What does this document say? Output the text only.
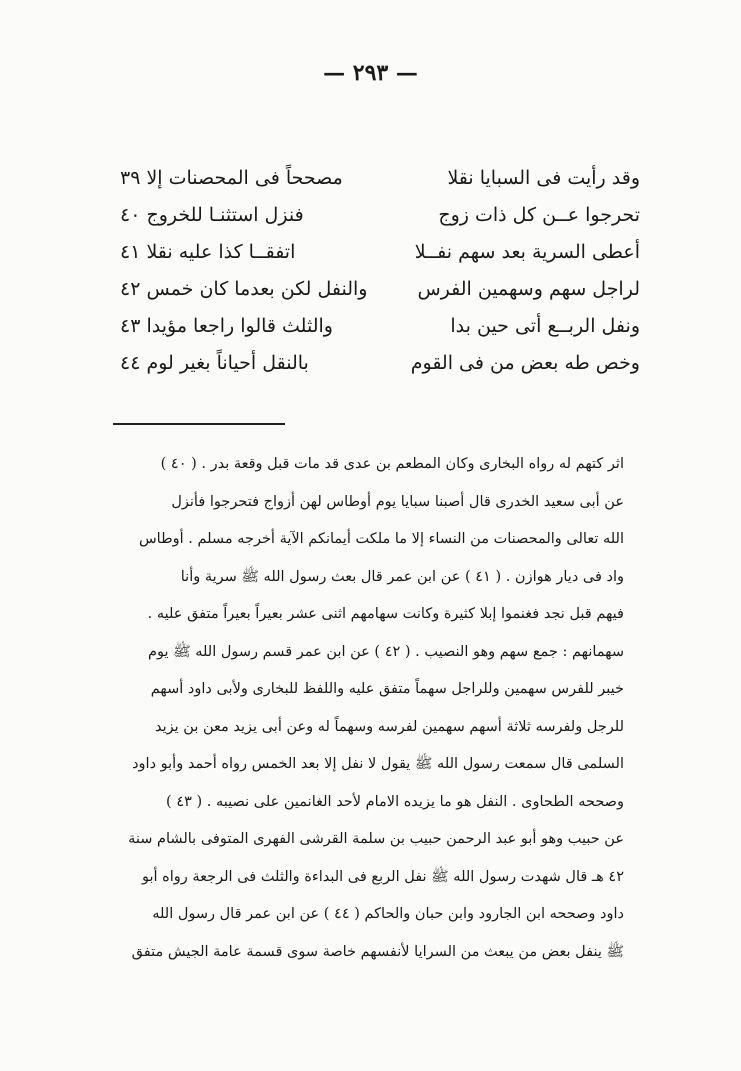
— ٢٩٣ —
وقد رأيت فى السبايا نقلا
مصححاً فى المحصنات إلا ٣٩
تحرجوا عــن كل ذات زوج
فنزل استثنـا للخروج ٤٠
أعطى السرية بعد سهم نفــلا
اتفقــا كذا عليه نقلا ٤١
لراجل سهم وسهمين الفرس
والنفل لكن بعدما كان خمس ٤٢
ونفل الربــع أتى حين بدا
والثلث قالوا راجعا مؤيدا ٤٣
وخص طه بعض من فى القوم
بالنقل أحياناً بغير لوم ٤٤
اثر كتهم له رواه البخارى وكان المطعم بن عدى قد مات قبل وقعة بدر . ( ٤٠ )
عن أبى سعيد الخدرى قال أصبنا سبايا يوم أوطاس لهن أزواج فتحرجوا فأنزل
الله تعالى والمحصنات من النساء إلا ما ملكت أيمانكم الآية أخرجه مسلم . أوطاس
واد فى ديار هوازن . ( ٤١ ) عن ابن عمر قال بعث رسول الله ﷺ سرية وأنا
فيهم قبل نجد فغنموا إبلا كثيرة وكانت سهامهم اثنى عشر بعيراً بعيراً متفق عليه .
سهمانهم : جمع سهم وهو النصيب . ( ٤٢ ) عن ابن عمر قسم رسول الله ﷺ يوم
خيبر للفرس سهمين وللراجل سهماً متفق عليه واللفظ للبخارى ولأبى داود أسهم
للرجل ولفرسه ثلاثة أسهم سهمين لفرسه وسهماً له وعن أبى يزيد معن بن يزيد
السلمى قال سمعت رسول الله ﷺ يقول لا نفل إلا بعد الخمس رواه أحمد وأبو داود
وصححه الطحاوى . النفل هو ما يزيده الامام لأحد الغانمين على نصيبه . ( ٤٣ )
عن حبيب وهو أبو عبد الرحمن حبيب بن سلمة القرشى الفهرى المتوفى بالشام سنة
٤٢ هـ قال شهدت رسول الله ﷺ نفل الربع فى البداءة والثلث فى الرجعة رواه أبو
داود وصححه ابن الجارود وابن حبان والحاكم ( ٤٤ ) عن ابن عمر قال رسول الله
ﷺ ينفل بعض من يبعث من السرايا لأنفسهم خاصة سوى قسمة عامة الجيش متفق
